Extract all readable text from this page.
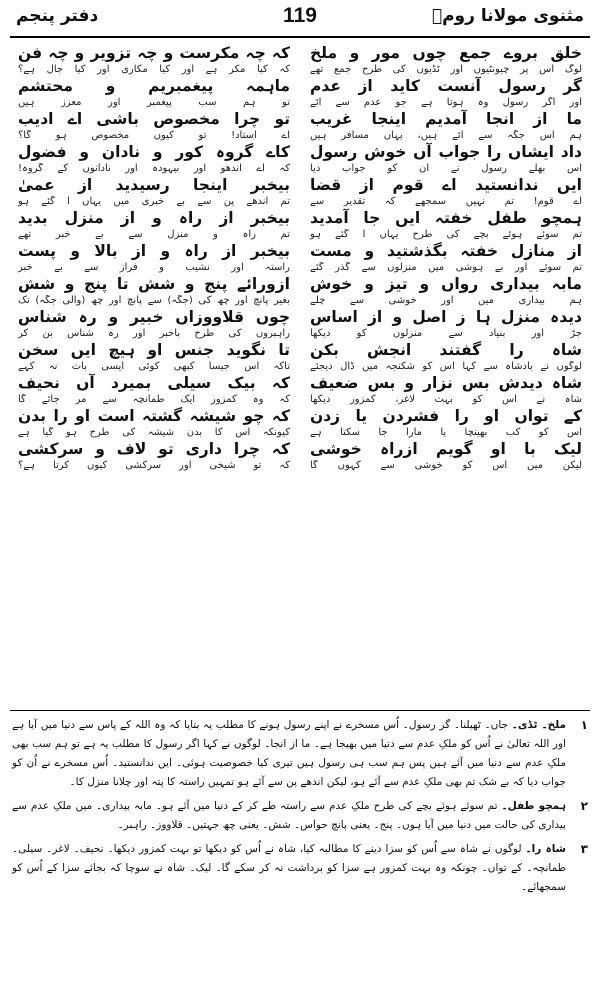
مثنوی مولانا رومؒ
119
دفتر پنجم
خلق بروے جمع چوں مور و ملخ
لوگ اُس پر چیونٹیوں اور ٹڈیوں کی طرح جمع تھے
گر رسول آنست کاید از عدم
اور اگر رسول وہ ہوتا ہے جو عدم سے آئے
ما از انجا آمدیم اینجا غریب
ہم اُس جگہ سے آئے ہیں، یہاں مسافر ہیں
داد ایشاں را جواب آں خوش رسول
اُس بھلے رسول نے اُن کو جواب دیا
ایں ندانستید اے قوم از قضا
اے قوم! تم نہیں سمجھے کہ تقدیر سے
ہمچو طفل خفتہ ایں جا آمدید
تم سوئے ہوئے بچے کی طرح یہاں آ گئے ہو
از منازل خفتہ بگذشتید و مست
تم سوئے اور بے ہوشی میں منزلوں سے گذر گئے
مابہ بیداری رواں و تیز و خوش
ہم بیداری میں اور خوشی سے چلے
دیدہ منزل ہا ز اصل و از اساس
جڑ اور بنیاد سے منزلوں کو دیکھا
شاہ را گفتند انجش بکن
لوگوں نے بادشاہ سے کہا اس کو شکنجہ میں ڈال دیجئے
شاہ دیدش بس نزار و بس ضعیف
شاہ نے اُس کو بہت لاغر، کمزور دیکھا
کے تواں او را فشردن یا زدن
اُس کو کب بھینچا یا مارا جا سکتا ہے
لیک با او گویم ازراہ خوشی
لیکن میں اُس کو خوشی سے کہوں گا
کہ چہ مکرست و چہ تزویر و چہ فن
کہ کیا مکر ہے اور کیا مکاری اور کیا جال ہے؟
ماہمہ پیغمبریم و محتشم
تو ہم سب پیغمبر اور معزز ہیں
تو چرا مخصوص باشی اے ادیب
اے استاد! تو کیوں مخصوص ہو گا؟
کاے گروہ کور و نادان و فضول
کہ اے اندھو اور بیہودہ اور نادانوں کے گروہ!
بیخبر اینجا رسیدید از عمیٰ
تم اندھے پن سے بے خبری میں یہاں آ گئے ہو
بیخبر از راہ و از منزل بدید
تم راہ و منزل سے بے خبر تھے
بیخبر از راہ و از بالا و پست
راستہ اور نشیب و فراز سے بے خبر
ازورائے پنج و شش تا پنج و شش
بغیر پانچ اور چھ کی (جگہ) سے پانچ اور چھ (والی جگہ) تک
چوں قلاووزاں خبیر و رہ شناس
راہبروں کی طرح باخبر اور رہ شناس بن کر
تا نگوید جنس او ہیچ ایں سخن
تاکہ اس جیسا کبھی کوئی ایسی بات نہ کہے
کہ بیک سیلی بمیرد آں نحیف
کہ وہ کمزور ایک طمانچہ سے مر جائے گا
کہ چو شیشہ گشتہ است او را بدن
کیونکہ اُس کا بدن شیشہ کی طرح ہو گیا ہے
کہ چرا داری تو لاف و سرکشی
کہ تو شیخی اور سرکشی کیوں کرتا ہے؟
۱
ملخ۔ ٹڈی۔ جاں۔ ٹھیلنا۔ گر رسول۔ اُس مسخرے نے اپنے رسول ہونے کا مطلب یہ بتایا کہ وہ اللہ کے پاس سے دنیا میں آیا ہے اور اللہ تعالیٰ نے اُس کو ملکِ عدم سے دنیا میں بھیجا ہے۔ ما از انجا۔ لوگوں نے کہا اگر رسول کا مطلب یہ ہے تو ہم سب بھی ملکِ عدم سے دنیا میں آئے ہیں پس ہم سب ہی رسول ہیں تیری کیا خصوصیت ہوئی۔ ایں ندانستید۔ اُس مسخرے نے اُن کو جواب دیا کہ بے شک تم بھی ملکِ عدم سے آئے ہو، لیکن اندھے پن سے آئے ہو تمہیں راستہ کا پتہ اور چلانا منزل کا۔
۲
ہمچو طفل۔ تم سوئے ہوئے بچے کی طرح ملکِ عدم سے راستہ طے کر کے دنیا میں آئے ہو۔ مابہ بیداری۔ میں ملکِ عدم سے بیداری کی حالت میں دنیا میں آیا ہوں۔ پنج۔ یعنی پانچ حواس۔ شش۔ یعنی چھ جہتیں۔ قلاووز۔ راہبر۔
۳
شاہ را۔ لوگوں نے شاہ سے اُس کو سزا دینے کا مطالبہ کیا، شاہ نے اُس کو دیکھا تو بہت کمزور دیکھا۔ نحیف۔ لاغر۔ سیلی۔ طمانچہ۔ کے تواں۔ چونکہ وہ بہت کمزور ہے سزا کو برداشت نہ کر سکے گا۔ لیک۔ شاہ نے سوچا کہ بجائے سزا کے اُس کو سمجھائے۔
